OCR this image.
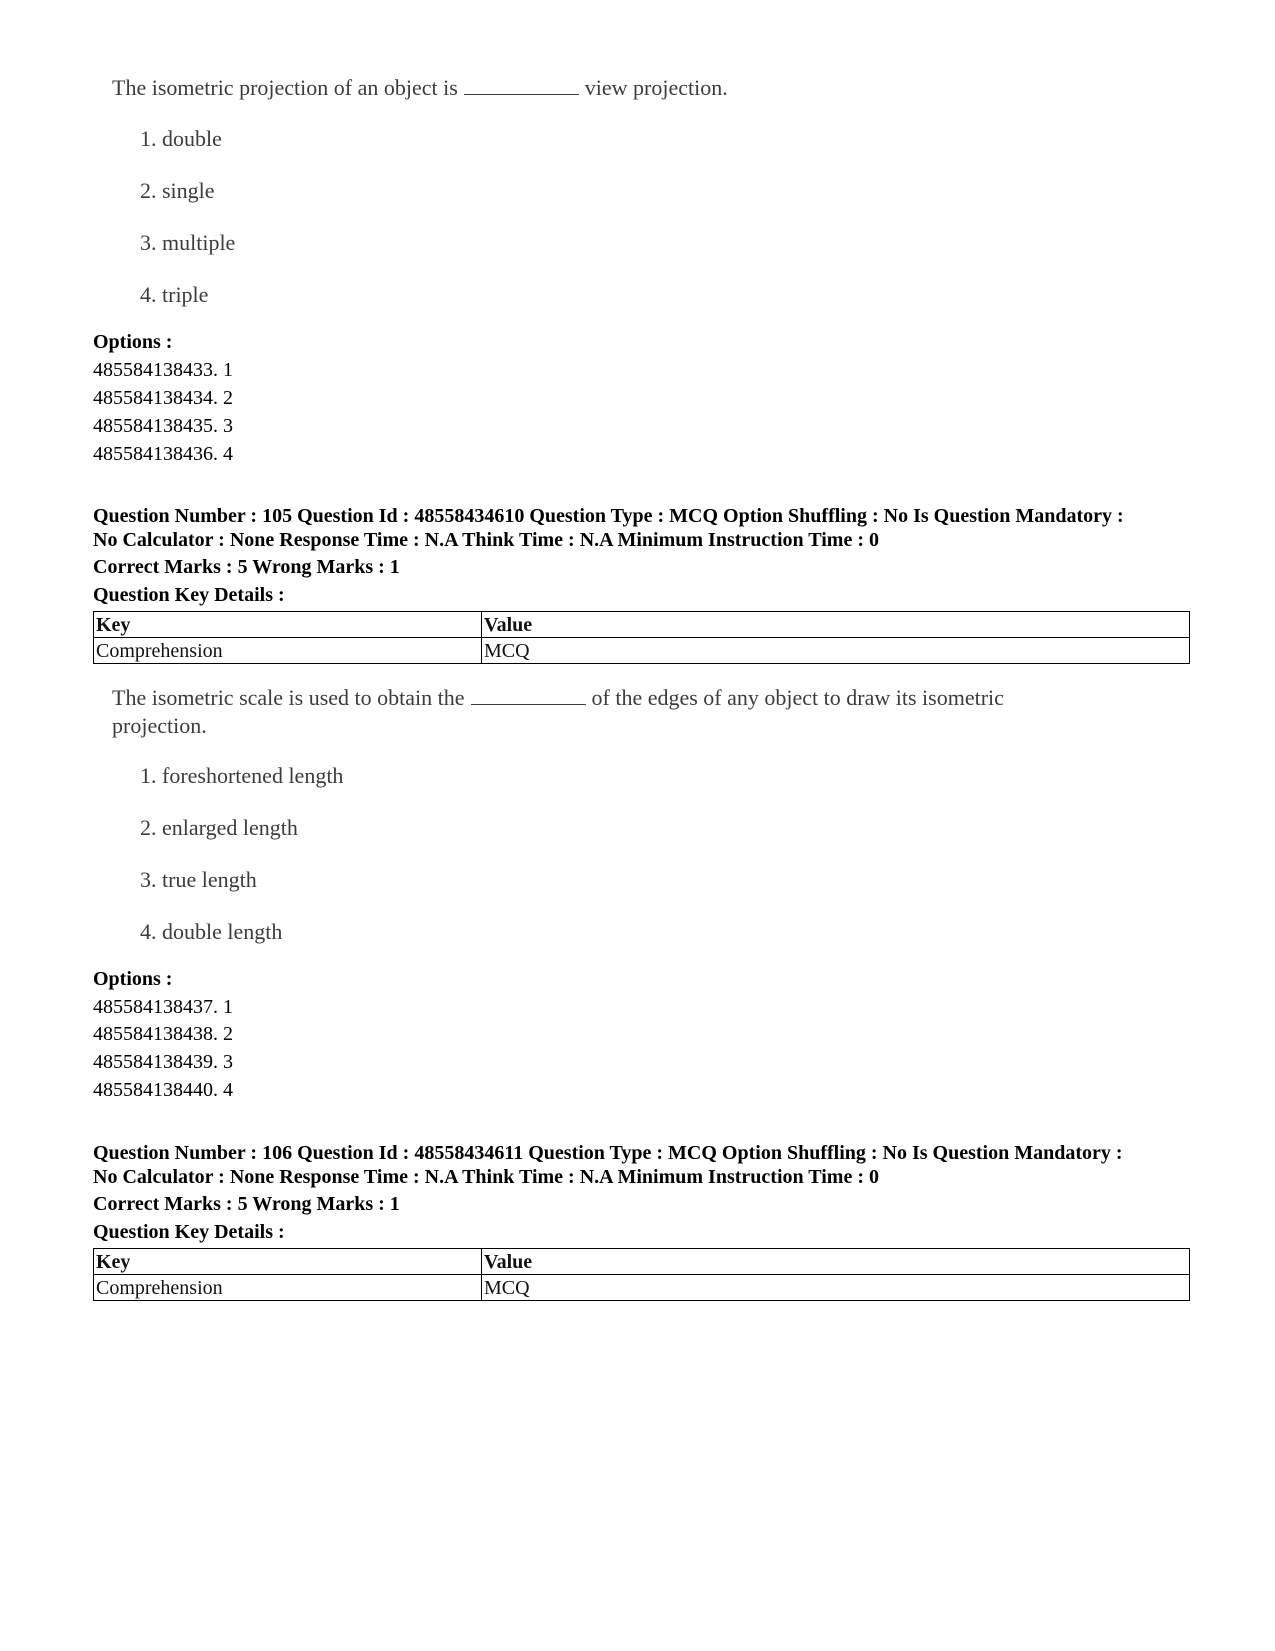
The isometric projection of an object is	view projection.
1. double
2. single
3. multiple
4. triple
Options :
485584138433. 1
485584138434. 2
485584138435. 3
485584138436. 4
Question Number : 105 Question Id : 48558434610 Question Type : MCQ Option Shuffling : No Is Question Mandatory :
No Calculator : None Response Time : N.A Think Time : N.A Minimum Instruction Time : 0
Correct Marks : 5 Wrong Marks : 1
Question Key Details :
Key	Value
Comprehension	MCQ
The isometric scale is used to obtain the	of the edges of any object to draw its isometric
projection.
1. foreshortened length
2. enlarged length
3. true length
4. double length
Options :
485584138437. 1
485584138438. 2
485584138439. 3
485584138440. 4
Question Number : 106 Question Id : 48558434611 Question Type : MCQ Option Shuffling : No Is Question Mandatory :
No Calculator : None Response Time : N.A Think Time : N.A Minimum Instruction Time : 0
Correct Marks : 5 Wrong Marks : 1
Question Key Details :
Key	Value
Comprehension	MCQ
